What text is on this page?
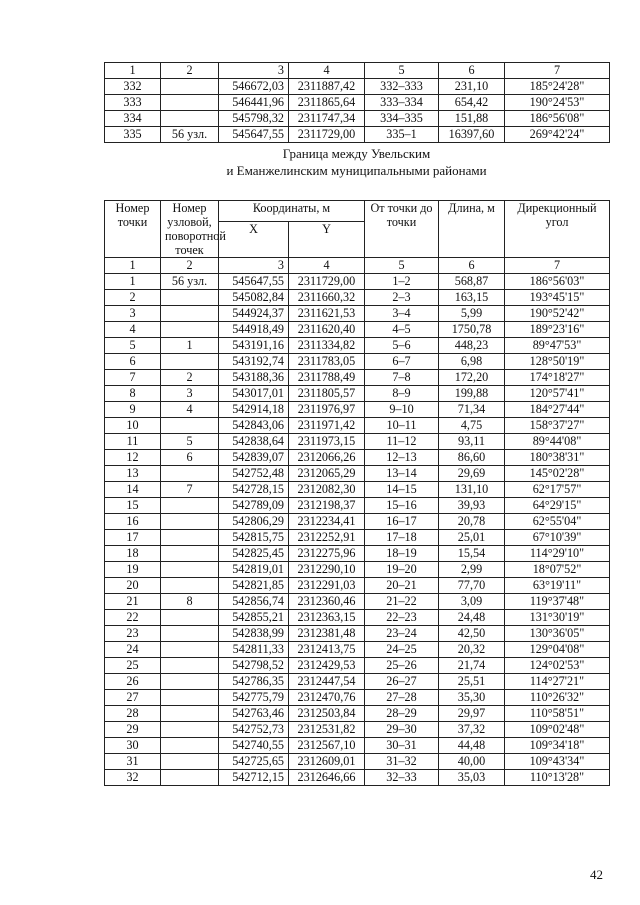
1	2	3	4	5	6	7
332		546672,03	2311887,42	332–333	231,10	185°24'28"
333		546441,96	2311865,64	333–334	654,42	190°24'53"
334		545798,32	2311747,34	334–335	151,88	186°56'08"
335	56 узл.	545647,55	2311729,00	335–1	16397,60	269°42'24"
Граница между Увельским
и Еманжелинским муниципальными районами
Номер точки	Номер узловой, поворотной точек	Координаты, м		От точки до точки	Длина, м	Дирекционный угол
		X	Y			
1	2	3	4	5	6	7
1	56 узл.	545647,55	2311729,00	1–2	568,87	186°56'03"
2		545082,84	2311660,32	2–3	163,15	193°45'15"
3		544924,37	2311621,53	3–4	5,99	190°52'42"
4		544918,49	2311620,40	4–5	1750,78	189°23'16"
5	1	543191,16	2311334,82	5–6	448,23	89°47'53"
6		543192,74	2311783,05	6–7	6,98	128°50'19"
7	2	543188,36	2311788,49	7–8	172,20	174°18'27"
8	3	543017,01	2311805,57	8–9	199,88	120°57'41"
9	4	542914,18	2311976,97	9–10	71,34	184°27'44"
10		542843,06	2311971,42	10–11	4,75	158°37'27"
11	5	542838,64	2311973,15	11–12	93,11	89°44'08"
12	6	542839,07	2312066,26	12–13	86,60	180°38'31"
13		542752,48	2312065,29	13–14	29,69	145°02'28"
14	7	542728,15	2312082,30	14–15	131,10	62°17'57"
15		542789,09	2312198,37	15–16	39,93	64°29'15"
16		542806,29	2312234,41	16–17	20,78	62°55'04"
17		542815,75	2312252,91	17–18	25,01	67°10'39"
18		542825,45	2312275,96	18–19	15,54	114°29'10"
19		542819,01	2312290,10	19–20	2,99	18°07'52"
20		542821,85	2312291,03	20–21	77,70	63°19'11"
21	8	542856,74	2312360,46	21–22	3,09	119°37'48"
22		542855,21	2312363,15	22–23	24,48	131°30'19"
23		542838,99	2312381,48	23–24	42,50	130°36'05"
24		542811,33	2312413,75	24–25	20,32	129°04'08"
25		542798,52	2312429,53	25–26	21,74	124°02'53"
26		542786,35	2312447,54	26–27	25,51	114°27'21"
27		542775,79	2312470,76	27–28	35,30	110°26'32"
28		542763,46	2312503,84	28–29	29,97	110°58'51"
29		542752,73	2312531,82	29–30	37,32	109°02'48"
30		542740,55	2312567,10	30–31	44,48	109°34'18"
31		542725,65	2312609,01	31–32	40,00	109°43'34"
32		542712,15	2312646,66	32–33	35,03	110°13'28"
42
